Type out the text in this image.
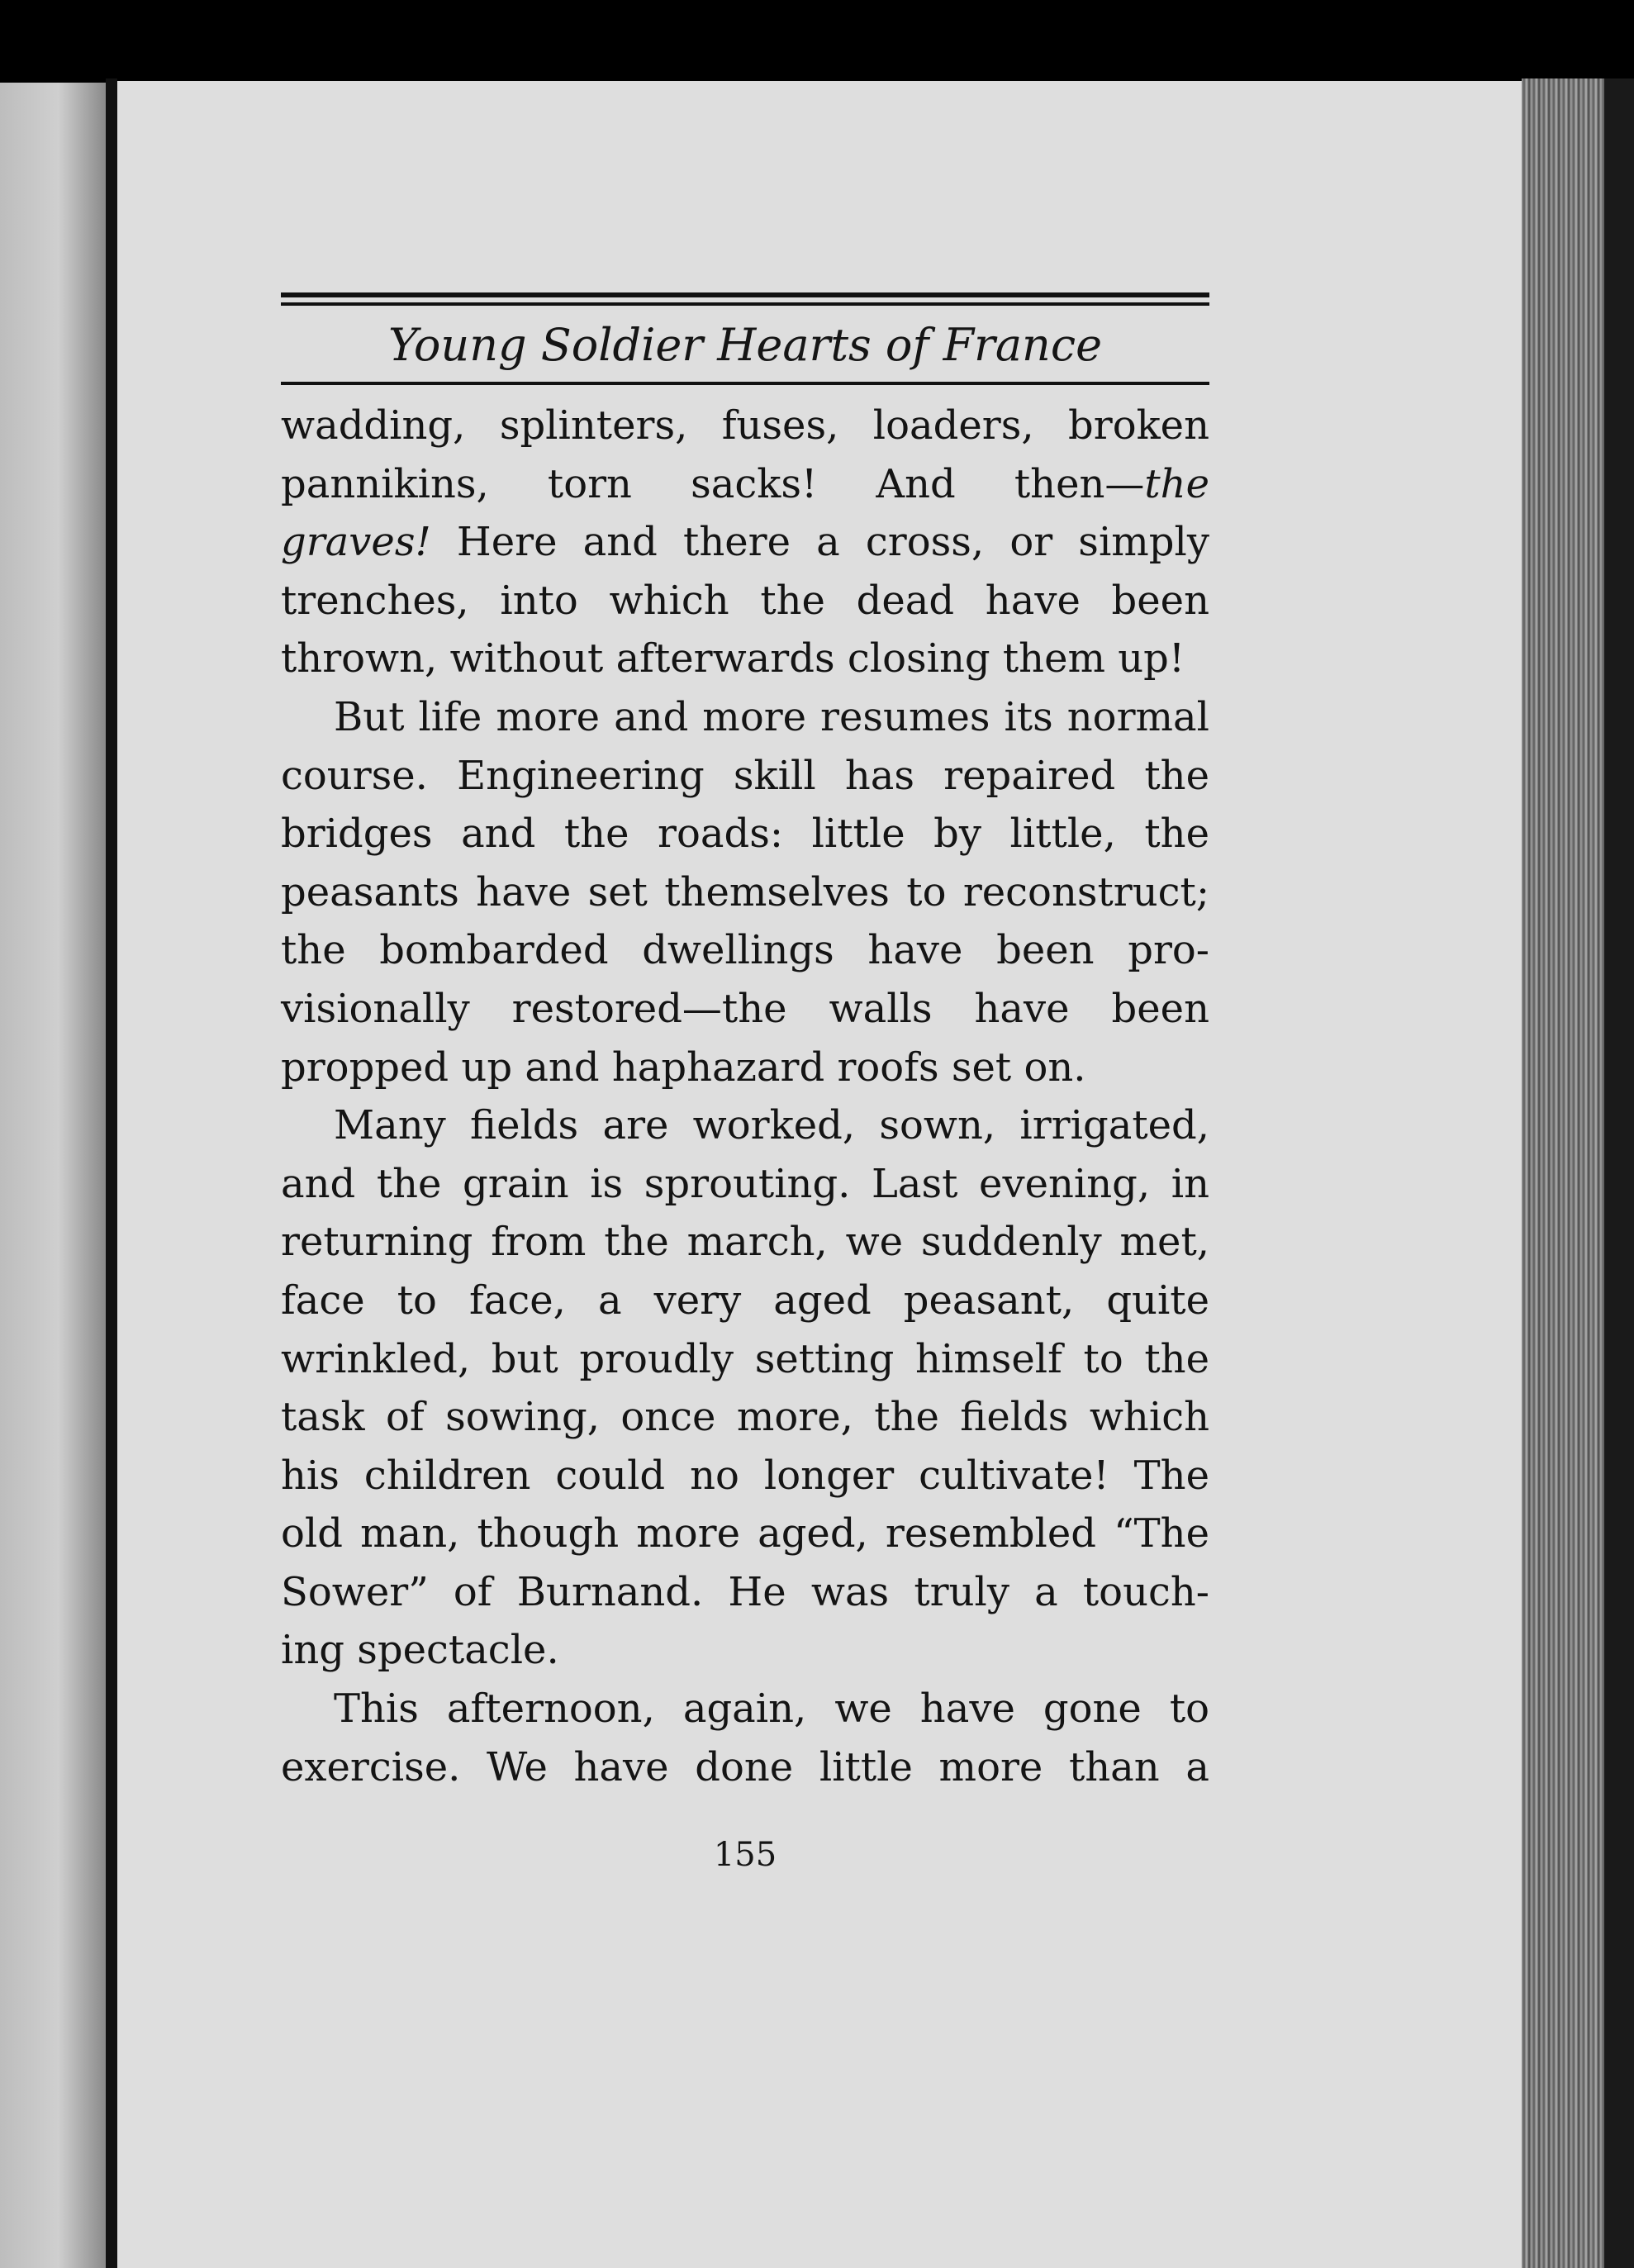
Young Soldier Hearts of France
wadding, splinters, fuses, loaders, broken
pannikins, torn sacks! And then—the
graves! Here and there a cross, or simply
trenches, into which the dead have been
thrown, without afterwards closing them up!
But life more and more resumes its normal
course. Engineering skill has repaired the
bridges and the roads: little by little, the
peasants have set themselves to reconstruct;
the bombarded dwellings have been pro-
visionally restored—the walls have been
propped up and haphazard roofs set on.
Many fields are worked, sown, irrigated,
and the grain is sprouting. Last evening, in
returning from the march, we suddenly met,
face to face, a very aged peasant, quite
wrinkled, but proudly setting himself to the
task of sowing, once more, the fields which
his children could no longer cultivate! The
old man, though more aged, resembled “The
Sower” of Burnand. He was truly a touch-
ing spectacle.
This afternoon, again, we have gone to
exercise. We have done little more than a
155
